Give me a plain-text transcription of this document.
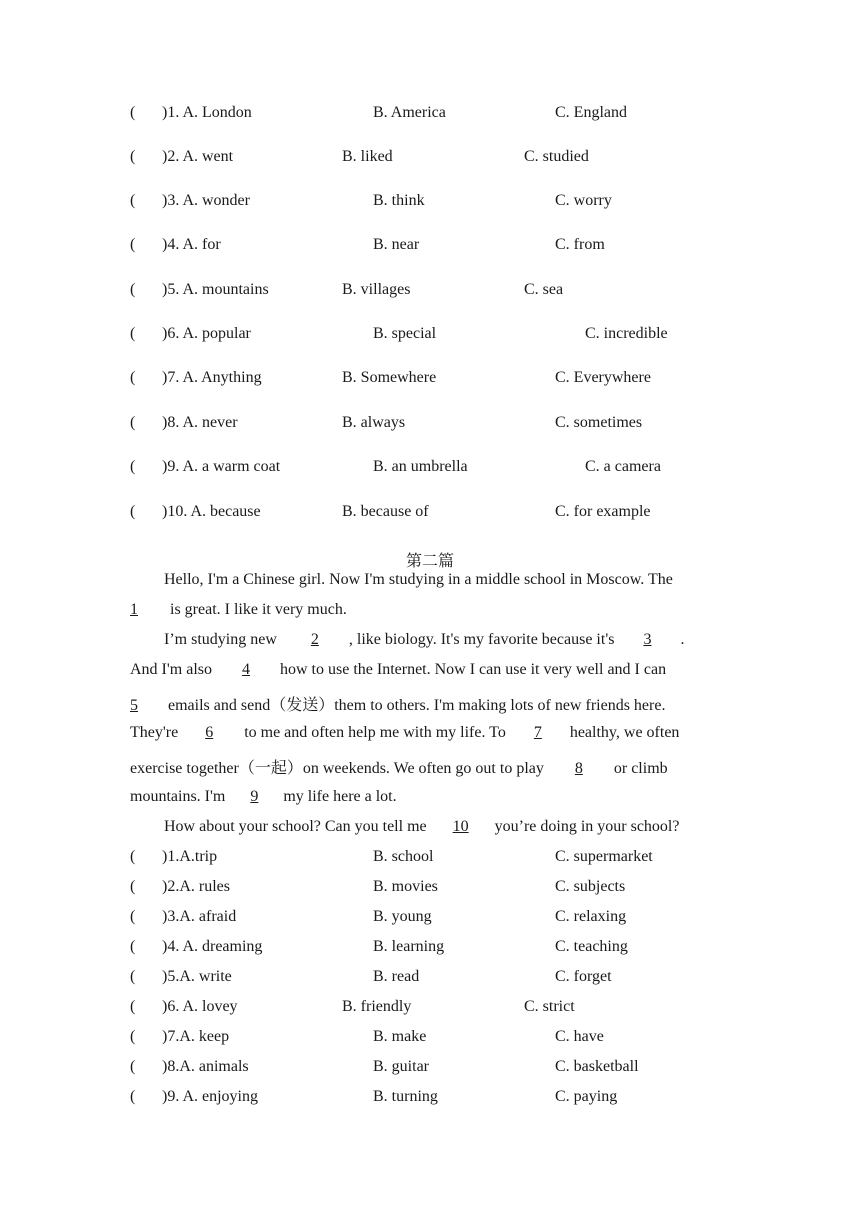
( )1. A. London	B. America	C. England
( )2. A. went	B. liked	C. studied
( )3. A. wonder	B. think	C. worry
( )4. A. for	B. near	C. from
( )5. A. mountains	B. villages	C. sea
( )6. A. popular	B. special	C. incredible
( )7. A. Anything	B. Somewhere	C. Everywhere
( )8. A. never	B. always	C. sometimes
( )9. A. a warm coat	B. an umbrella	C. a camera
( )10. A. because	B. because of	C. for example
第二篇
Hello, I'm a Chinese girl. Now I'm studying in a middle school in Moscow. The
1 is great. I like it very much.
I’m studying new 2 , like biology. It's my favorite because it's 3 .
And I'm also 4 how to use the Internet. Now I can use it very well and I can
5 emails and send（发送）them to others. I'm making lots of new friends here.
They're 6 to me and often help me with my life. To 7 healthy, we often
exercise together（一起）on weekends. We often go out to play 8 or climb
mountains. I'm 9 my life here a lot.
How about your school? Can you tell me 10 you’re doing in your school?
( )1.A.trip	B. school	C. supermarket
( )2.A. rules	B. movies	C. subjects
( )3.A. afraid	B. young	C. relaxing
( )4. A. dreaming	B. learning	C. teaching
( )5.A. write	B. read	C. forget
( )6. A. lovey	B. friendly	C. strict
( )7.A. keep	B. make	C. have
( )8.A. animals	B. guitar	C. basketball
( )9. A. enjoying	B. turning	C. paying
